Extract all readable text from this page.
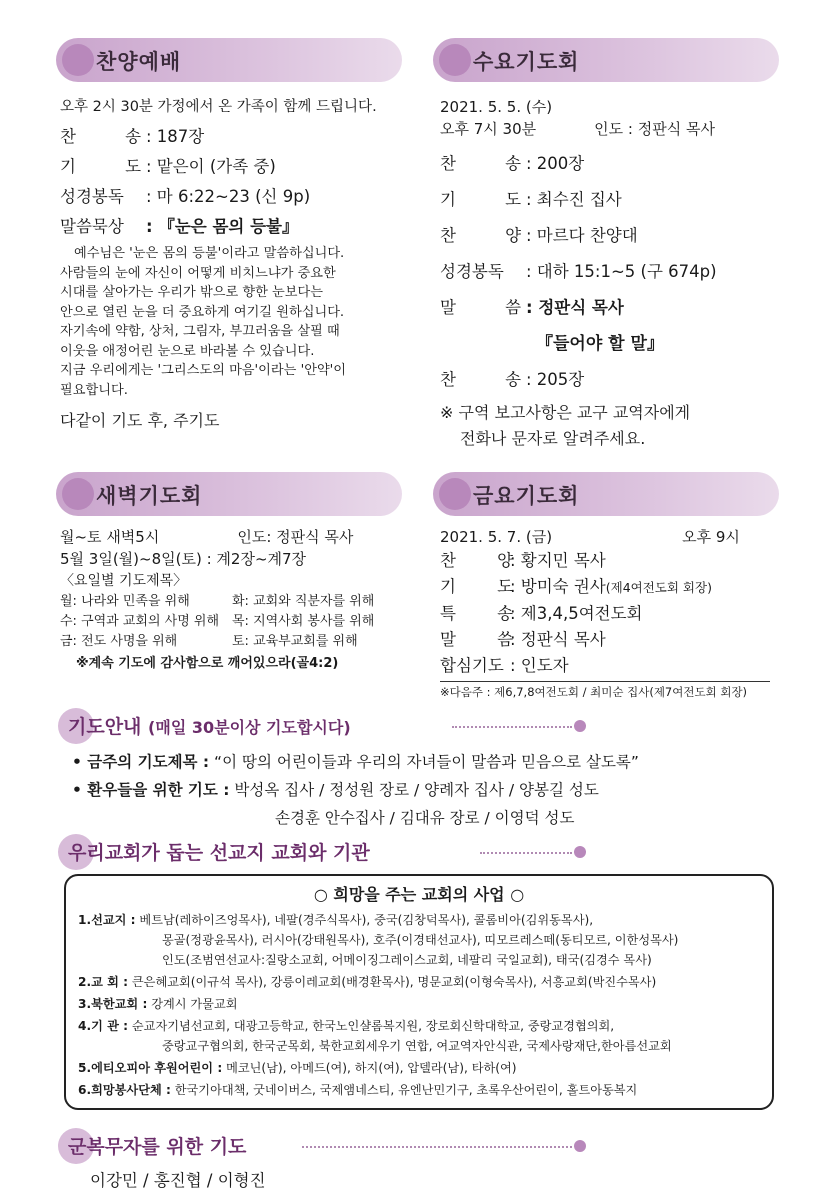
찬양예배
오후 2시 30분 가정에서 온 가족이 함께 드립니다.
찬 송: 187장
기 도: 맡은이 (가족 중)
성경봉독 : 마 6:22~23 (신 9p)
말씀묵상 : 『눈은 몸의 등불』
예수님은 '눈은 몸의 등불'이라고 말씀하십니다.
사람들의 눈에 자신이 어떻게 비치느냐가 중요한
시대를 살아가는 우리가 밖으로 향한 눈보다는
안으로 열린 눈을 더 중요하게 여기길 원하십니다.
자기속에 약함, 상처, 그림자, 부끄러움을 살필 때
이웃을 애정어린 눈으로 바라볼 수 있습니다.
지금 우리에게는 '그리스도의 마음'이라는 '안약'이
필요합니다.
다같이 기도 후, 주기도
수요기도회
2021. 5. 5. (수)
오후 7시 30분	인도 : 정판식 목사
찬 송: 200장
기 도: 최수진 집사
찬 양: 마르다 찬양대
성경봉독 : 대하 15:1~5 (구 674p)
말 씀: 정판식 목사
『들어야 할 말』
찬 송: 205장
※ 구역 보고사항은 교구 교역자에게
전화나 문자로 알려주세요.
새벽기도회
월~토 새벽5시	인도: 정판식 목사
5월 3일(월)~8일(토) : 계2장~계7장
〈요일별 기도제목〉
월: 나라와 민족을 위해	화: 교회와 직분자를 위해
수: 구역과 교회의 사명 위해 목: 지역사회 봉사를 위해
금: 전도 사명을 위해	토: 교육부교회를 위해
※계속 기도에 감사함으로 깨어있으라(골4:2)
금요기도회
2021. 5. 7. (금)	오후 9시
찬 양: 황지민 목사
기 도: 방미숙 권사(제4여전도회 회장)
특 송: 제3,4,5여전도회
말 씀: 정판식 목사
합심기도 : 인도자
※다음주 : 제6,7,8여전도회 / 최미순 집사(제7여전도회 회장)
기도안내 (매일 30분이상 기도합시다)
• 금주의 기도제목 : “이 땅의 어린이들과 우리의 자녀들이 말씀과 믿음으로 살도록”
• 환우들을 위한 기도 : 박성옥 집사 / 정성원 장로 / 양례자 집사 / 양봉길 성도
손경훈 안수집사 / 김대유 장로 / 이영덕 성도
우리교회가 돕는 선교지 교회와 기관
○ 희망을 주는 교회의 사업 ○
1.선교지 : 베트남(레하이즈엉목사), 네팔(경주식목사), 중국(김창덕목사), 콜롬비아(김위동목사),
몽골(정광윤목사), 러시아(강태원목사), 호주(이경태선교사), 띠모르레스떼(동티모르, 이한성목사)
인도(조범연선교사:질랑소교회, 어메이징그레이스교회, 네팔리 국일교회), 태국(김경수 목사)
2.교 회 : 큰은혜교회(이규석 목사), 강릉이레교회(배경환목사), 명문교회(이형숙목사), 서흥교회(박진수목사)
3.북한교회 : 강계시 가물교회
4.기 관 : 순교자기념선교회, 대광고등학교, 한국노인샬롬복지원, 장로회신학대학교, 중랑교경협의회,
중랑교구협의회, 한국군목회, 북한교회세우기 연합, 여교역자안식관, 국제사랑재단,한아름선교회
5.에티오피아 후원어린이 : 메코닌(남), 아메드(여), 하지(여), 압델라(남), 타하(여)
6.희망봉사단체 : 한국기아대책, 굿네이버스, 국제앰네스티, 유엔난민기구, 초록우산어린이, 홀트아동복지
군복무자를 위한 기도
이강민 / 홍진협 / 이형진
